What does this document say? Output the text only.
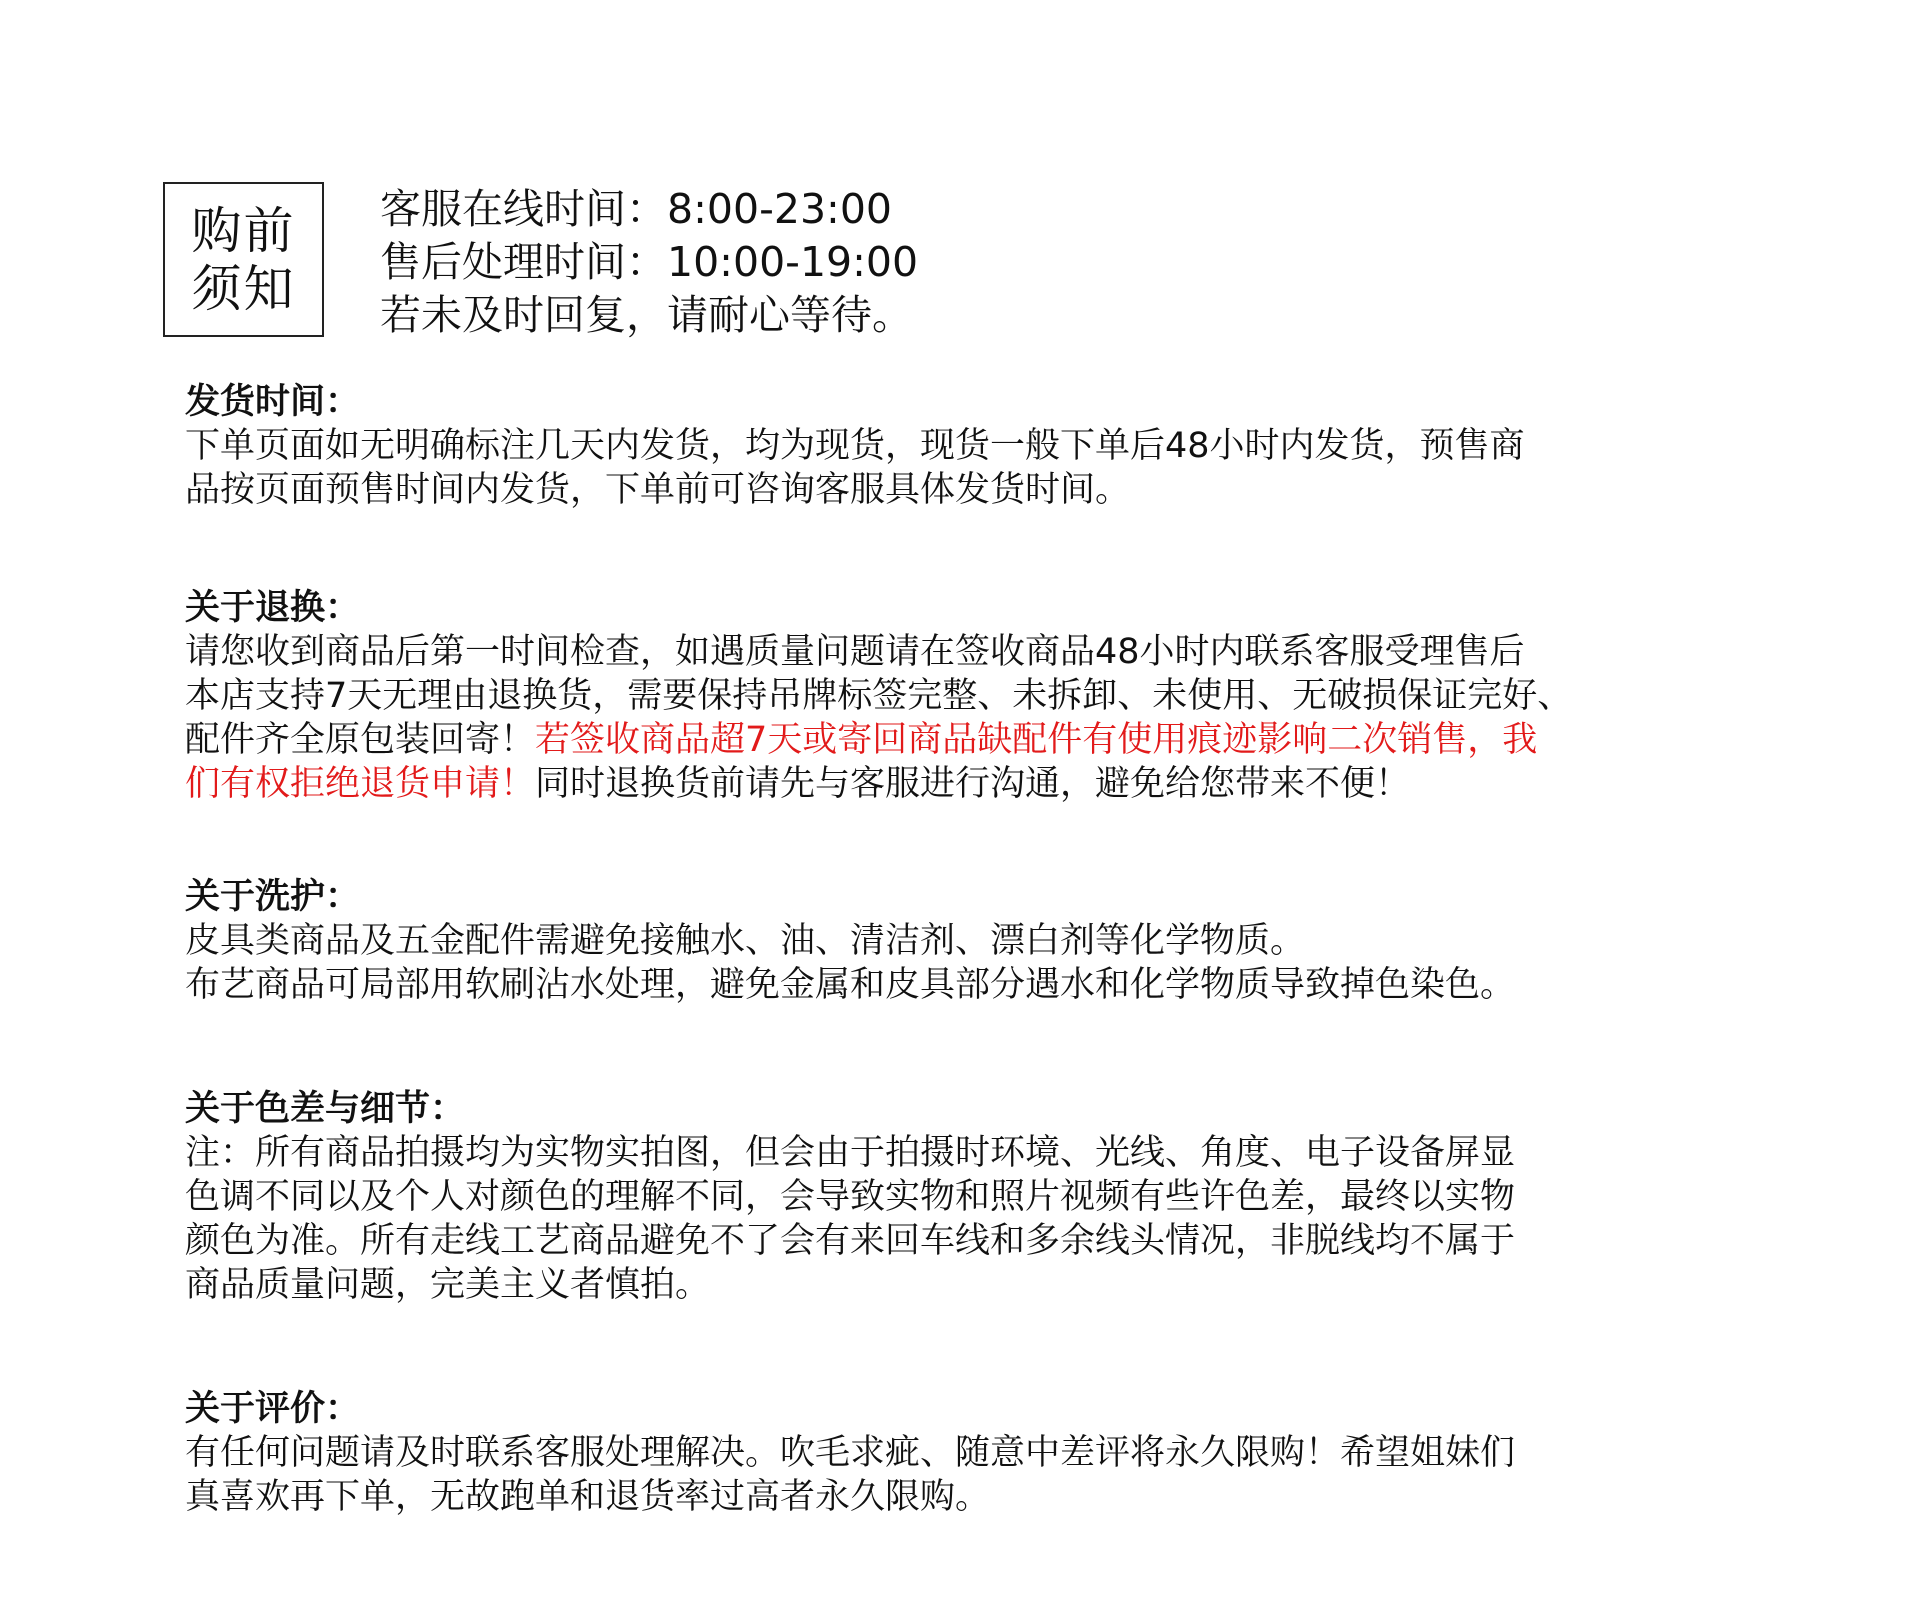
购前
须知
客服在线时间：8:00-23:00
售后处理时间：10:00-19:00
若未及时回复，请耐心等待。
发货时间：
下单页面如无明确标注几天内发货，均为现货，现货一般下单后48小时内发货，预售商
品按页面预售时间内发货，下单前可咨询客服具体发货时间。
关于退换：
请您收到商品后第一时间检查，如遇质量问题请在签收商品48小时内联系客服受理售后
本店支持7天无理由退换货，需要保持吊牌标签完整、未拆卸、未使用、无破损保证完好、
配件齐全原包装回寄！若签收商品超7天或寄回商品缺配件有使用痕迹影响二次销售，我
们有权拒绝退货申请！同时退换货前请先与客服进行沟通，避免给您带来不便！
关于洗护：
皮具类商品及五金配件需避免接触水、油、清洁剂、漂白剂等化学物质。
布艺商品可局部用软刷沾水处理，避免金属和皮具部分遇水和化学物质导致掉色染色。
关于色差与细节：
注：所有商品拍摄均为实物实拍图，但会由于拍摄时环境、光线、角度、电子设备屏显
色调不同以及个人对颜色的理解不同，会导致实物和照片视频有些许色差，最终以实物
颜色为准。所有走线工艺商品避免不了会有来回车线和多余线头情况，非脱线均不属于
商品质量问题，完美主义者慎拍。
关于评价：
有任何问题请及时联系客服处理解决。吹毛求疵、随意中差评将永久限购！希望姐妹们
真喜欢再下单，无故跑单和退货率过高者永久限购。
